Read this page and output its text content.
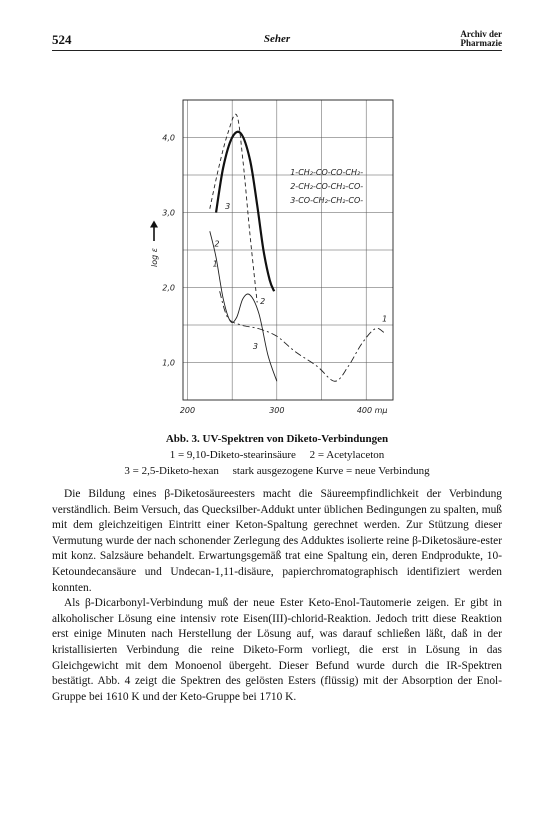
524	Seher	Archiv der
Pharmazie
1,0
2,0
3,0
4,0
200	300	400 mμ
1-CH₂-CO-CO-CH₂-
2-CH₂-CO-CH₂-CO-
3-CO-CH₂-CH₂-CO-
log ε
1
2
3
2
1
3
Abb. 3. UV-Spektren von Diketo-Verbindungen
1 = 9,10-Diketo-stearinsäure     2 = Acetylaceton
3 = 2,5-Diketo-hexan     stark ausgezogene Kurve = neue Verbindung

Die Bildung eines β-Diketosäureesters macht die Säureempfindlichkeit der Verbindung verständlich. Beim Versuch, das Quecksilber-Addukt unter üblichen Bedingungen zu spalten, muß mit dem gleichzeitigen Eintritt einer Keton-Spaltung gerechnet werden. Zur Stützung dieser Vermutung wurde der nach schonender Zerlegung des Adduktes isolierte reine β-Diketosäure-ester mit konz. Salzsäure behandelt. Erwartungsgemäß trat eine Spaltung ein, deren Endprodukte, 10-Ketoundecansäure und Undecan-1,11-disäure, papierchromatographisch identifiziert werden konnten.

Als β-Dicarbonyl-Verbindung muß der neue Ester Keto-Enol-Tautomerie zeigen. Er gibt in alkoholischer Lösung eine intensiv rote Eisen(III)-chlorid-Reaktion. Jedoch tritt diese Reaktion erst einige Minuten nach Herstellung der Lösung auf, was darauf schließen läßt, daß in der kristallisierten Verbindung die reine Diketo-Form vorliegt, die erst in Lösung in das Gleichgewicht mit dem Monoenol übergeht. Dieser Befund wurde durch die IR-Spektren bestätigt. Abb. 4 zeigt die Spektren des gelösten Esters (flüssig) mit der Absorption der Enol-Gruppe bei 1610 K und der Keto-Gruppe bei 1710 K.
